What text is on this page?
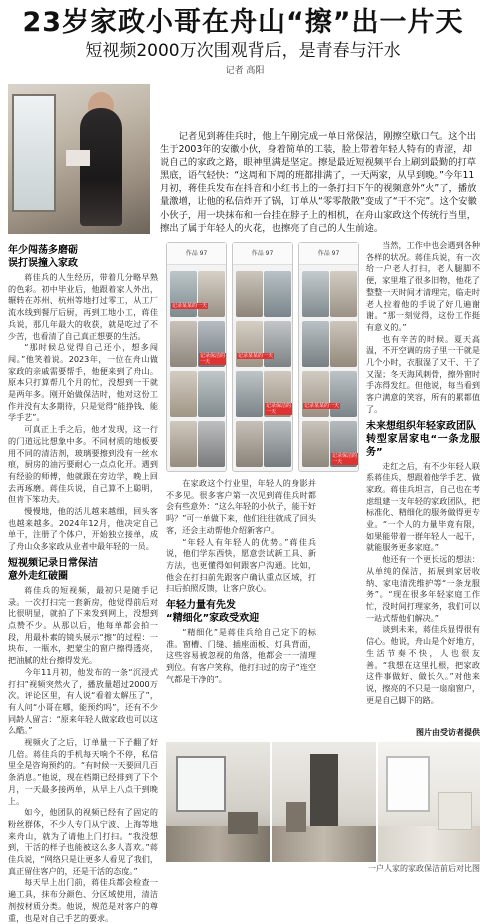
23岁家政小哥在舟山“擦”出一片天
短视频2000万次围观背后，是青春与汗水
记者 高阳
记者见到蒋佳兵时，他上午刚完成一单日常保洁，刚擦空歇口气。这个出生于2003年的安徽小伙，身着简单的工装，脸上带着年轻人特有的青涩，却说自己的家政之路，眼神里满是坚定。擦是最近短视频平台上刷到最勤的打草黑底，语气轻快：“这周和下周的班都排满了，一天两家，从早到晚。”今年11月初，蒋佳兵发布在抖音和小红书上的一条打扫下午的视频意外“火”了，播放量激增，让他的私信炸开了锅，订单从“零零散散”变成了“干不完”。这个安徽小伙子，用一块抹布和一台挂在脖子上的相机，在舟山家政这个传统行当里，擦出了属于年轻人的火花，也擦亮了自己的人生前途。
年少闯荡多磨砺
误打误撞入家政

蒋佳兵的人生经历，带着几分略早熟的色彩。初中毕业后，他跟着家人外出，辗转在苏州、杭州等地打过零工，从工厂流水线到餐厅后厨，再到工地小工，蒋佳兵说，那几年最大的收获，就是吃过了不少苦，也看清了自己真正想要的生活。

“那时候总觉得自己还小，想多闯闯。”他笑着说。2023年，一位在舟山做家政的亲戚需要帮手，他便来到了舟山。原本只打算帮几个月的忙，没想到一干就是两年多。刚开始做保洁时，他对这份工作并没有太多期待，只是觉得“能挣钱、能学手艺”。

可真正上手之后，他才发现，这一行的门道远比想象中多。不同材质的地板要用不同的清洁剂，玻璃要擦到没有一丝水痕，厨房的油污要耐心一点点化开。遇到有经验的师傅，他就跟在旁边学，晚上回去再琢磨。蒋佳兵说，自己算不上聪明，但肯下笨功夫。

慢慢地，他的活儿越来越细，回头客也越来越多。2024年12月，他决定自己单干，注册了个体户，开始独立接单，成了舟山众多家政从业者中最年轻的一员。

短视频记录日常保洁
意外走红破圈

蒋佳兵的短视频，最初只是随手记录。一次打扫完一套新房，他觉得前后对比很明显，就拍了下来发到网上，没想到点赞不少。从那以后，他每单都会拍一段，用最朴素的镜头展示“擦”的过程：一块布、一瓶水，把蒙尘的窗户擦得透亮，把油腻的灶台擦得发光。

今年11月初，他发布的一条“沉浸式打扫”视频突然火了，播放量超过2000万次。评论区里，有人说“看着太解压了”，有人问“小哥在哪，能预约吗”，还有不少同龄人留言：“原来年轻人做家政也可以这么酷。”

视频火了之后，订单量一下子翻了好几倍。蒋佳兵的手机每天响个不停，私信里全是咨询预约的。“有时候一天要回几百条消息。”他说，现在档期已经排到了下个月，一天最多接两单，从早上八点干到晚上。

如今，他团队的视频已经有了固定的粉丝群体，不少人专门从宁波、上海等地来舟山，就为了请他上门打扫。“我没想到，干活的样子也能被这么多人喜欢。”蒋佳兵说，“网络只是让更多人看见了我们，真正留住客户的，还是干活的态度。”

每天早上出门前，蒋佳兵都会检查一遍工具，抹布分颜色、分区域使用，清洁剂按材质分类。他说，规范是对客户的尊重，也是对自己手艺的要求。

作品 97
记录某某的一天
记录保洁的一天
作品 97
记录某某的一天
记录保洁的一天
作品 97
记录某某的一天
记录保洁的一天

在家政这个行业里，年轻人的身影并不多见。很多客户第一次见到蒋佳兵时都会有些意外：“这么年轻的小伙子，能干好吗？”可一单做下来，他们往往就成了回头客，还会主动帮他介绍新客户。

“年轻人有年轻人的优势。”蒋佳兵说，他们学东西快，愿意尝试新工具、新方法，也更懂得如何跟客户沟通。比如，他会在打扫前先跟客户确认重点区域，打扫后拍照反馈，让客户放心。

年轻力量有先发
“精细化”家政受欢迎

“精细化”是蒋佳兵给自己定下的标准。窗槽、门缝、插座面板、灯具背面，这些容易被忽视的角落，他都会一一清理到位。有客户笑称，他打扫过的房子“连空气都是干净的”。

当然，工作中也会遇到各种各样的状况。蒋佳兵说，有一次给一户老人打扫，老人腿脚不便，家里堆了很多旧物，他花了整整一天时间才清理完，临走时老人拉着他的手说了好几遍谢谢。“那一刻觉得，这份工作挺有意义的。”

也有辛苦的时候。夏天高温，不开空调的房子里一干就是几个小时，衣服湿了又干、干了又湿；冬天海风刺骨，擦外窗时手冻得发红。但他说，每当看到客户满意的笑容，所有的累都值了。

未来想组织年轻家政团队
转型家居家电“一条龙服务”

走红之后，有不少年轻人联系蒋佳兵，想跟着他学手艺、做家政。蒋佳兵坦言，自己也在考虑组建一支年轻的家政团队，把标准化、精细化的服务做得更专业。“一个人的力量毕竟有限，如果能带着一群年轻人一起干，就能服务更多家庭。”

他还有一个更长远的想法：从单纯的保洁，拓展到家居收纳、家电清洗维护等“一条龙服务”。“现在很多年轻家庭工作忙，没时间打理家务，我们可以一站式帮他们解决。”

谈到未来，蒋佳兵显得很有信心。他说，舟山是个好地方，生活节奏不快，人也很友善。“我想在这里扎根，把家政这件事做好、做长久。”对他来说，擦亮的不只是一扇扇窗户，更是自己脚下的路。

图片由受访者提供
一户人家的家政保洁前后对比图
